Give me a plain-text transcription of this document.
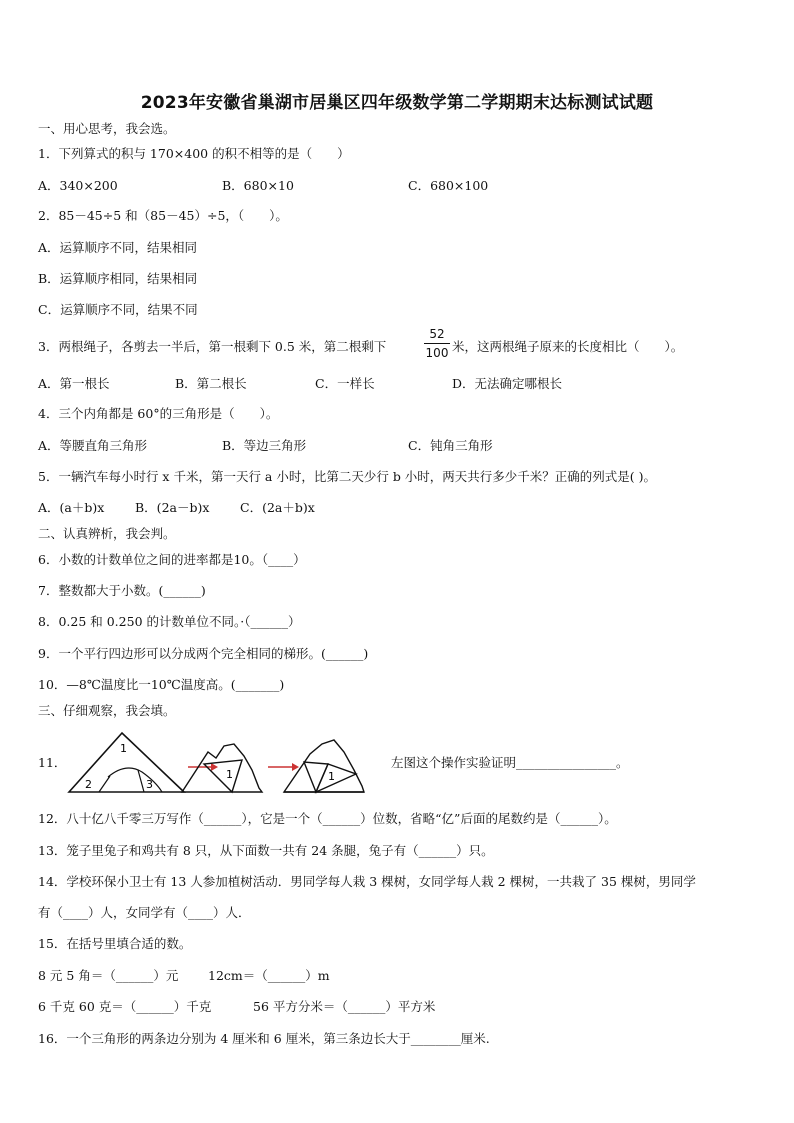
2023年安徽省巢湖市居巢区四年级数学第二学期期末达标测试试题
一、用心思考，我会选。
1．下列算式的积与 170×400 的积不相等的是（　　）
A．340×200	B．680×10	C．680×100
2．85－45÷5 和（85－45）÷5，（　　）。
A．运算顺序不同，结果相同
B．运算顺序相同，结果相同
C．运算顺序不同，结果不同
3．两根绳子，各剪去一半后，第一根剩下 0.5 米，第二根剩下
52
100 米，这两根绳子原来的长度相比（　　）。
A．第一根长	B．第二根长	C．一样长	D．无法确定哪根长
4．三个内角都是 60°的三角形是（　　）。
A．等腰直角三角形	B．等边三角形	C．钝角三角形
5．一辆汽车每小时行 x 千米，第一天行 a 小时，比第二天少行 b 小时，两天共行多少千米？正确的列式是( )。
A．(a＋b)x B．(2a－b)x C．(2a＋b)x
二、认真辨析，我会判。
6．小数的计数单位之间的进率都是10。（____）
7．整数都大于小数。(______)
8．0.25 和 0.250 的计数单位不同。·（______）
9．一个平行四边形可以分成两个完全相同的梯形。(______)
10．—8℃温度比一10℃温度高。(_______)
三、仔细观察，我会填。
11．
1
2	3
1	1
左图这个操作实验证明________________。
12．八十亿八千零三万写作（______），它是一个（______）位数，省略“亿”后面的尾数约是（______）。
13．笼子里兔子和鸡共有 8 只，从下面数一共有 24 条腿，兔子有（______）只。
14．学校环保小卫士有 13 人参加植树活动．男同学每人栽 3 棵树，女同学每人栽 2 棵树，一共栽了 35 棵树，男同学
有（____）人，女同学有（____）人．
15．在括号里填合适的数。
8 元 5 角＝（______）元 12cm＝（______）m
6 千克 60 克＝（______）千克	56 平方分米＝（______）平方米
16．一个三角形的两条边分别为 4 厘米和 6 厘米，第三条边长大于________厘米.
